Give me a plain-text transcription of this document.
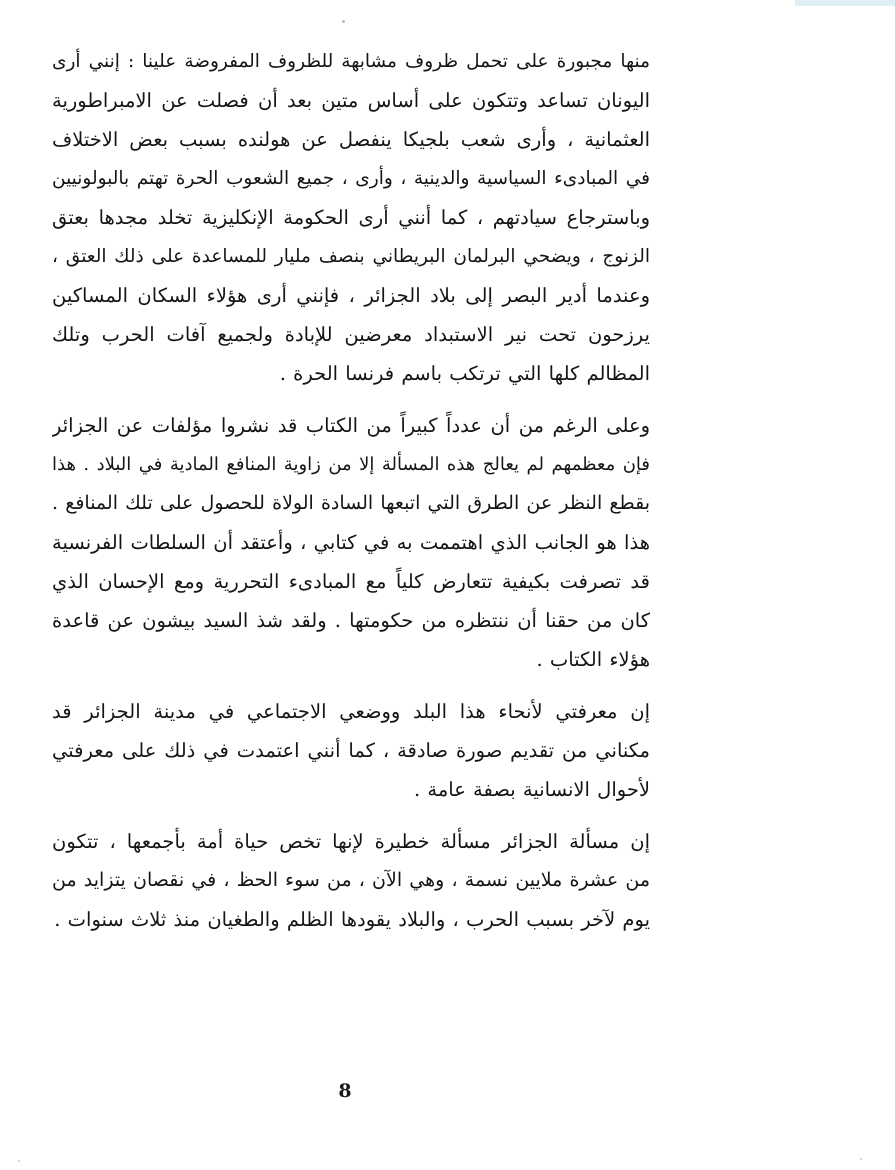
منها مجبورة على تحمل ظروف مشابهة للظروف المفروضة علينا : إنني أرى
اليونان تساعد وتتكون على أساس متين بعد أن فصلت عن الامبراطورية
العثمانية ، وأرى شعب بلجيكا ينفصل عن هولنده بسبب بعض الاختلاف
في المبادىء السياسية والدينية ، وأرى ، جميع الشعوب الحرة تهتم بالبولونيين
وباسترجاع سيادتهم ، كما أنني أرى الحكومة الإنكليزية تخلد مجدها بعتق
الزنوج ، ويضحي البرلمان البريطاني بنصف مليار للمساعدة على ذلك العتق ،
وعندما أدير البصر إلى بلاد الجزائر ، فإنني أرى هؤلاء السكان المساكين
يرزحون تحت نير الاستبداد معرضين للإبادة ولجميع آفات الحرب وتلك
المظالم كلها التي ترتكب باسم فرنسا الحرة .

وعلى الرغم من أن عدداً كبيراً من الكتاب قد نشروا مؤلفات عن الجزائر
فإن معظمهم لم يعالج هذه المسألة إلا من زاوية المنافع المادية في البلاد . هذا
بقطع النظر عن الطرق التي اتبعها السادة الولاة للحصول على تلك المنافع .
هذا هو الجانب الذي اهتممت به في كتابي ، وأعتقد أن السلطات الفرنسية
قد تصرفت بكيفية تتعارض كلياً مع المبادىء التحررية ومع الإحسان الذي
كان من حقنا أن ننتظره من حكومتها . ولقد شذ السيد بيشون عن قاعدة
هؤلاء الكتاب .

إن معرفتي لأنحاء هذا البلد ووضعي الاجتماعي في مدينة الجزائر قد
مكناني من تقديم صورة صادقة ، كما أنني اعتمدت في ذلك على معرفتي
لأحوال الانسانية بصفة عامة .

إن مسألة الجزائر مسألة خطيرة لإنها تخص حياة أمة بأجمعها ، تتكون
من عشرة ملايين نسمة ، وهي الآن ، من سوء الحظ ، في نقصان يتزايد من
يوم لآخر بسبب الحرب ، والبلاد يقودها الظلم والطغيان منذ ثلاث سنوات .

8
